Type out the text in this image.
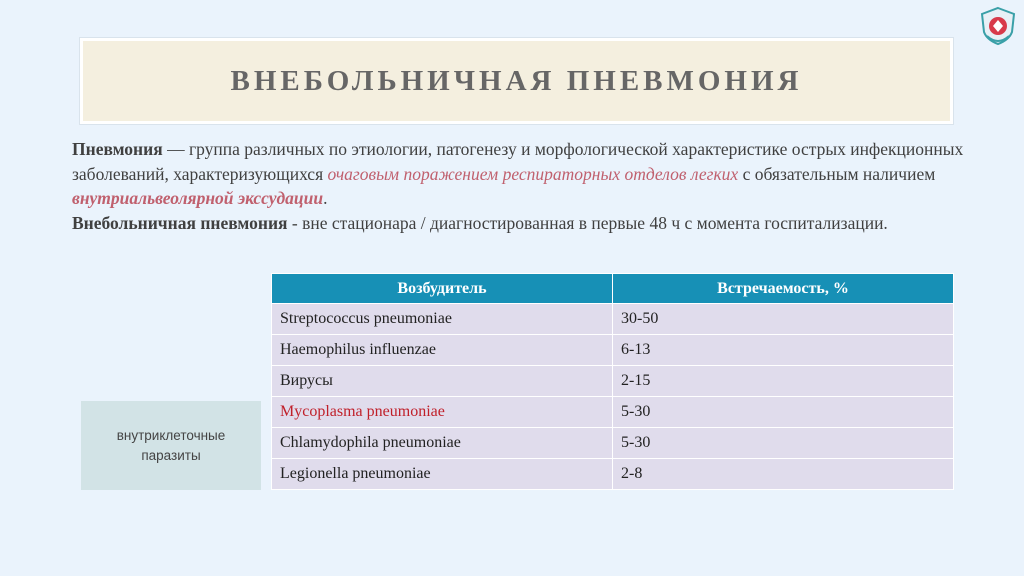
ВНЕБОЛЬНИЧНАЯ ПНЕВМОНИЯ

Пневмония — группа различных по этиологии, патогенезу и морфологической характеристике острых инфекционных заболеваний, характеризующихся очаговым поражением респираторных отделов легких с обязательным наличием внутриальвеолярной экссудации.

Внебольничная пневмония - вне стационара / диагностированная в первые 48 ч с момента госпитализации.

внутриклеточные паразиты
Возбудитель	Встречаемость, %
Streptococcus pneumoniae	30-50
Haemophilus influenzae	6-13
Вирусы	2-15
Mycoplasma pneumoniae	5-30
Chlamydophila pneumoniae	5-30
Legionella pneumoniae	2-8
